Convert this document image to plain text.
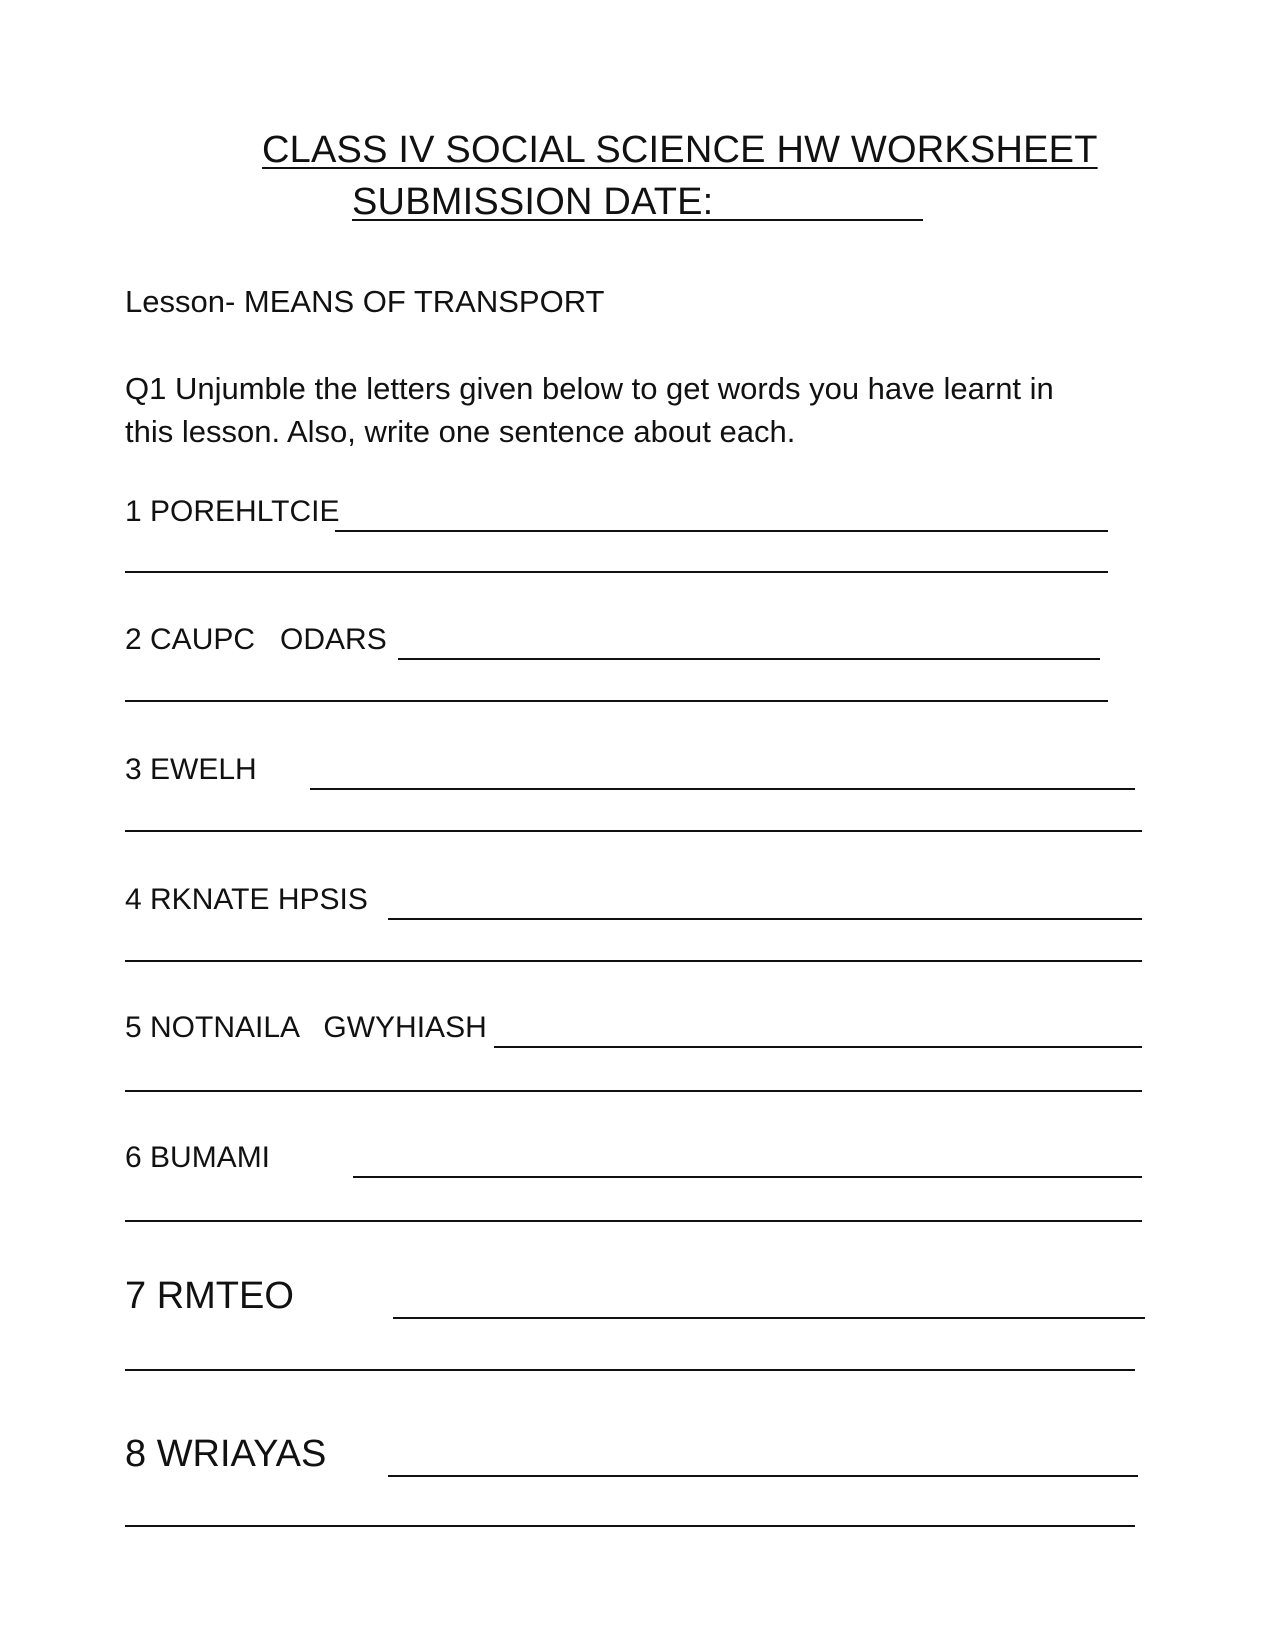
CLASS IV SOCIAL SCIENCE HW WORKSHEET
SUBMISSION DATE:
Lesson- MEANS OF TRANSPORT
Q1 Unjumble the letters given below to get words you have learnt in
this lesson. Also, write one sentence about each.
1 POREHLTCIE
2 CAUPC   ODARS
3 EWELH
4 RKNATE HPSIS
5 NOTNAILA   GWYHIASH
6 BUMAMI
7 RMTEO
8 WRIAYAS
